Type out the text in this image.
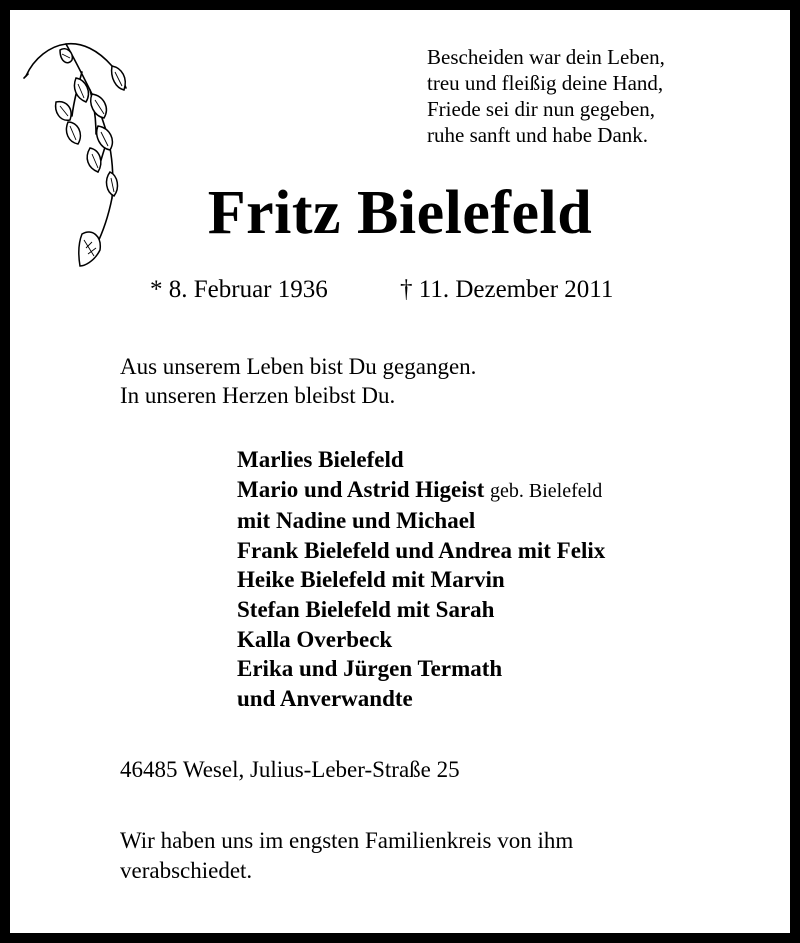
Bescheiden war dein Leben,
treu und fleißig deine Hand,
Friede sei dir nun gegeben,
ruhe sanft und habe Dank.
Fritz Bielefeld
* 8. Februar 1936	† 11. Dezember 2011
Aus unserem Leben bist Du gegangen.
In unseren Herzen bleibst Du.
Marlies Bielefeld
Mario und Astrid Higeist geb. Bielefeld
mit Nadine und Michael
Frank Bielefeld und Andrea mit Felix
Heike Bielefeld mit Marvin
Stefan Bielefeld mit Sarah
Kalla Overbeck
Erika und Jürgen Termath
und Anverwandte
46485 Wesel, Julius-Leber-Straße 25
Wir haben uns im engsten Familienkreis von ihm
verabschiedet.
